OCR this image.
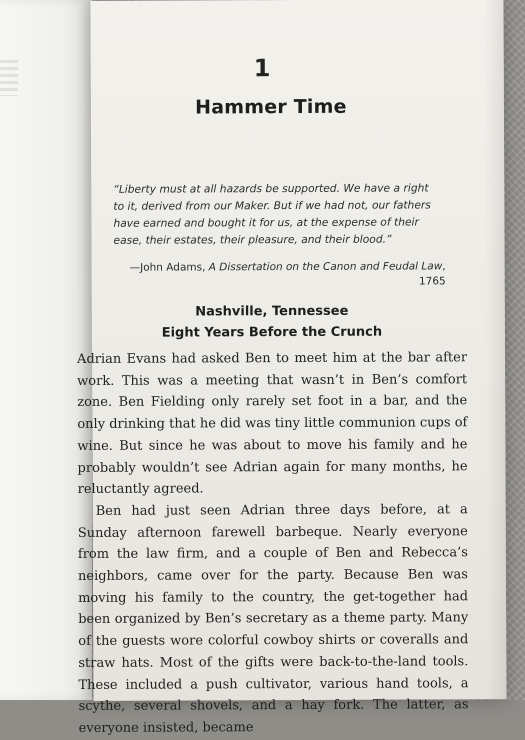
1
Hammer Time
“Liberty must at all hazards be supported. We have a right to it, derived from our Maker. But if we had not, our fathers have earned and bought it for us, at the expense of their ease, their estates, their pleasure, and their blood.”
—John Adams, A Dissertation on the Canon and Feudal Law, 1765
Nashville, Tennessee
Eight Years Before the Crunch

Adrian Evans had asked Ben to meet him at the bar after work. This was a meeting that wasn’t in Ben’s comfort zone. Ben Fielding only rarely set foot in a bar, and the only drinking that he did was tiny little communion cups of wine. But since he was about to move his family and he probably wouldn’t see Adrian again for many months, he reluctantly agreed.

Ben had just seen Adrian three days before, at a Sunday afternoon farewell barbeque. Nearly everyone from the law firm, and a couple of Ben and Rebecca’s neighbors, came over for the party. Because Ben was moving his family to the country, the get-together had been organized by Ben’s secretary as a theme party. Many of the guests wore colorful cowboy shirts or coveralls and straw hats. Most of the gifts were back-to-the-land tools. These included a push cultivator, various hand tools, a scythe, several shovels, and a hay fork. The latter, as everyone insisted, became
